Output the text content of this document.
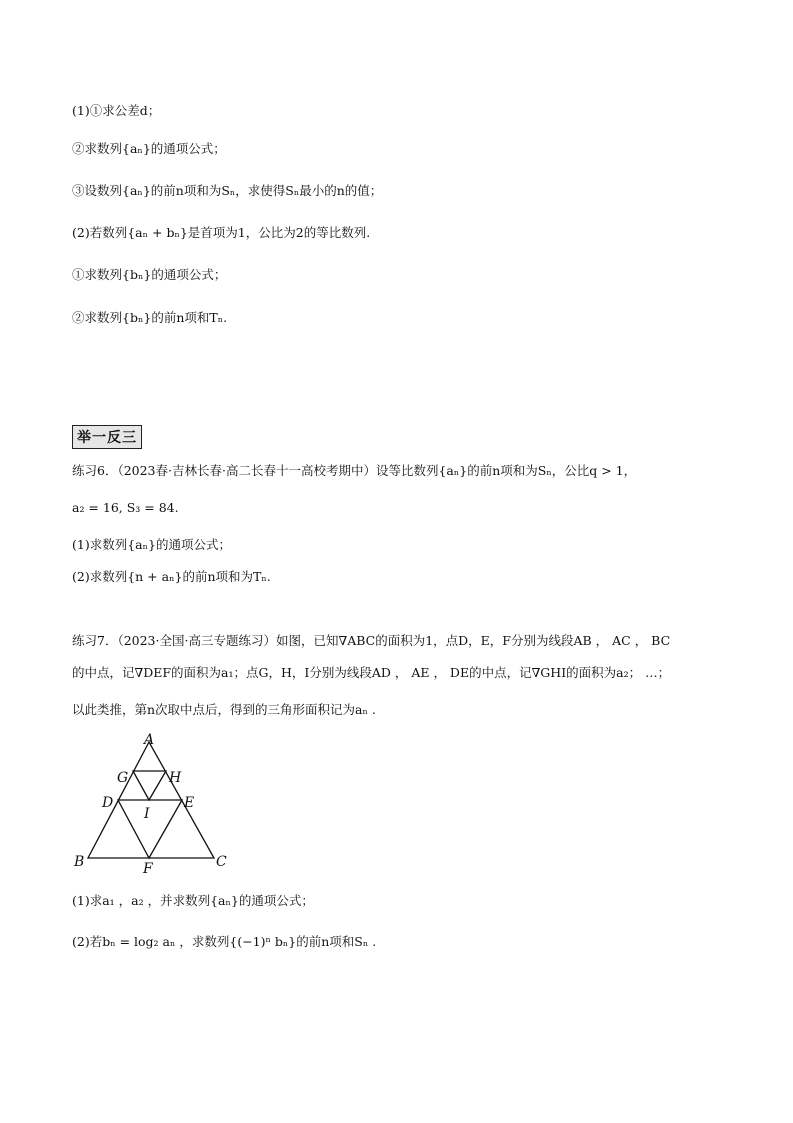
(1)①求公差d；
②求数列{aₙ}的通项公式；
③设数列{aₙ}的前n项和为Sₙ，求使得Sₙ最小的n的值；
(2)若数列{aₙ + bₙ}是首项为1，公比为2的等比数列.
①求数列{bₙ}的通项公式；
②求数列{bₙ}的前n项和Tₙ.
举一反三
练习6．（2023春·吉林长春·高二长春十一高校考期中）设等比数列{aₙ}的前n项和为Sₙ，公比q > 1，
a₂ = 16, S₃ = 84.
(1)求数列{aₙ}的通项公式；
(2)求数列{n + aₙ}的前n项和为Tₙ.
练习7．（2023·全国·高三专题练习）如图，已知∇ABC的面积为1，点D，E，F分别为线段AB ， AC ， BC
的中点，记∇DEF的面积为a₁；点G，H，I分别为线段AD ， AE ， DE的中点，记∇GHI的面积为a₂； …；
以此类推，第n次取中点后，得到的三角形面积记为aₙ .
A
G	H
D	E
I
B	F	C
(1)求a₁ ，a₂ ，并求数列{aₙ}的通项公式；
(2)若bₙ = log₂ aₙ ，求数列{(−1)ⁿ bₙ}的前n项和Sₙ .
